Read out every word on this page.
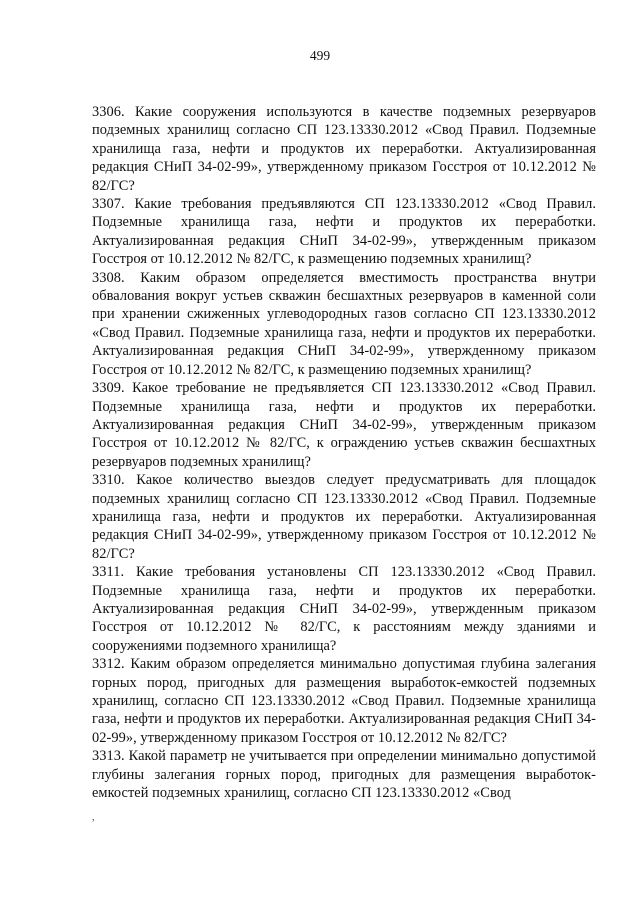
499

3306. Какие сооружения используются в качестве подземных резервуаров подземных хранилищ согласно СП 123.13330.2012 «Свод Правил. Подземные хранилища газа, нефти и продуктов их переработки. Актуализированная редакция СНиП 34-02-99», утвержденному приказом Госстроя от 10.12.2012 № 82/ГС?

3307. Какие требования предъявляются СП 123.13330.2012 «Свод Правил. Подземные хранилища газа, нефти и продуктов их переработки. Актуализированная редакция СНиП 34-02-99», утвержденным приказом Госстроя от 10.12.2012 № 82/ГС, к размещению подземных хранилищ?

3308. Каким образом определяется вместимость пространства внутри обвалования вокруг устьев скважин бесшахтных резервуаров в каменной соли при хранении сжиженных углеводородных газов согласно СП 123.13330.2012 «Свод Правил. Подземные хранилища газа, нефти и продуктов их переработки. Актуализированная редакция СНиП 34-02-99», утвержденному приказом Госстроя от 10.12.2012 № 82/ГС, к размещению подземных хранилищ?

3309. Какое требование не предъявляется СП 123.13330.2012 «Свод Правил. Подземные хранилища газа, нефти и продуктов их переработки. Актуализированная редакция СНиП 34-02-99», утвержденным приказом Госстроя от 10.12.2012 № 82/ГС, к ограждению устьев скважин бесшахтных резервуаров подземных хранилищ?

3310. Какое количество выездов следует предусматривать для площадок подземных хранилищ согласно СП 123.13330.2012 «Свод Правил. Подземные хранилища газа, нефти и продуктов их переработки. Актуализированная редакция СНиП 34-02-99», утвержденному приказом Госстроя от 10.12.2012 № 82/ГС?

3311. Какие требования установлены СП 123.13330.2012 «Свод Правил. Подземные хранилища газа, нефти и продуктов их переработки. Актуализированная редакция СНиП 34-02-99», утвержденным приказом Госстроя от 10.12.2012 № 82/ГС, к расстояниям между зданиями и сооружениями подземного хранилища?

3312. Каким образом определяется минимально допустимая глубина залегания горных пород, пригодных для размещения выработок-емкостей подземных хранилищ, согласно СП 123.13330.2012 «Свод Правил. Подземные хранилища газа, нефти и продуктов их переработки. Актуализированная редакция СНиП 34-02-99», утвержденному приказом Госстроя от 10.12.2012 № 82/ГС?

3313. Какой параметр не учитывается при определении минимально допустимой глубины залегания горных пород, пригодных для размещения выработок-емкостей подземных хранилищ, согласно СП 123.13330.2012 «Свод

,
